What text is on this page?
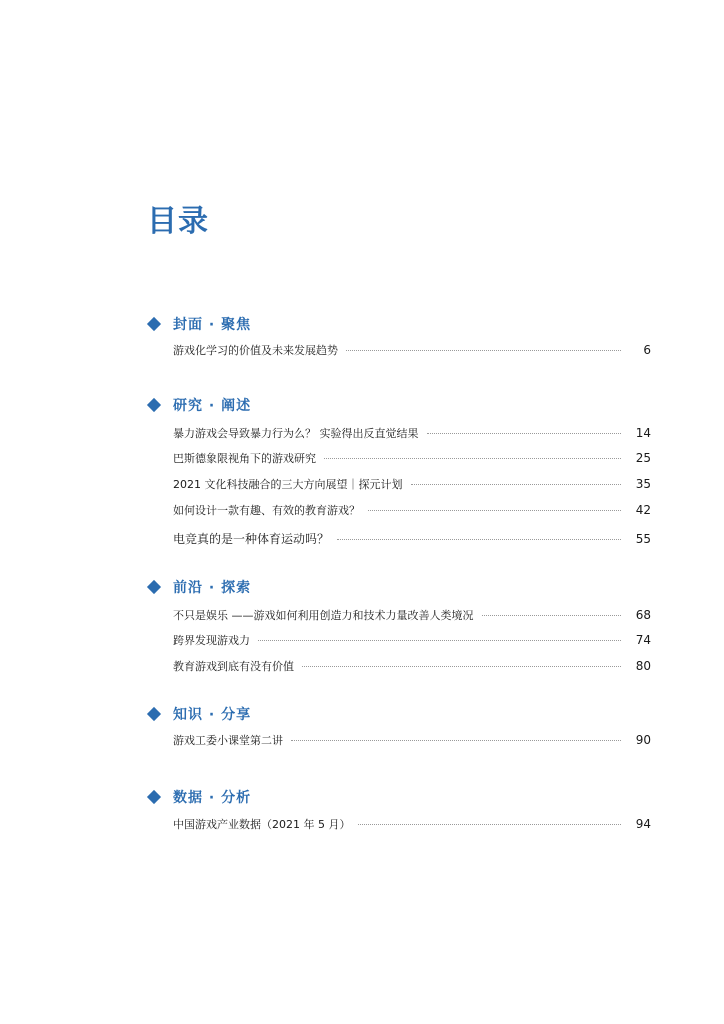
目录
封面 · 聚焦
游戏化学习的价值及未来发展趋势	6
研究 · 阐述
暴力游戏会导致暴力行为么？ 实验得出反直觉结果	14
巴斯德象限视角下的游戏研究	25
2021 文化科技融合的三大方向展望｜探元计划	35
如何设计一款有趣、有效的教育游戏？	42
电竞真的是一种体育运动吗？	55
前沿 · 探索
不只是娱乐 ——游戏如何利用创造力和技术力量改善人类境况	68
跨界发现游戏力	74
教育游戏到底有没有价值	80
知识 · 分享
游戏工委小课堂第二讲	90
数据 · 分析
中国游戏产业数据（2021 年 5 月）	94
